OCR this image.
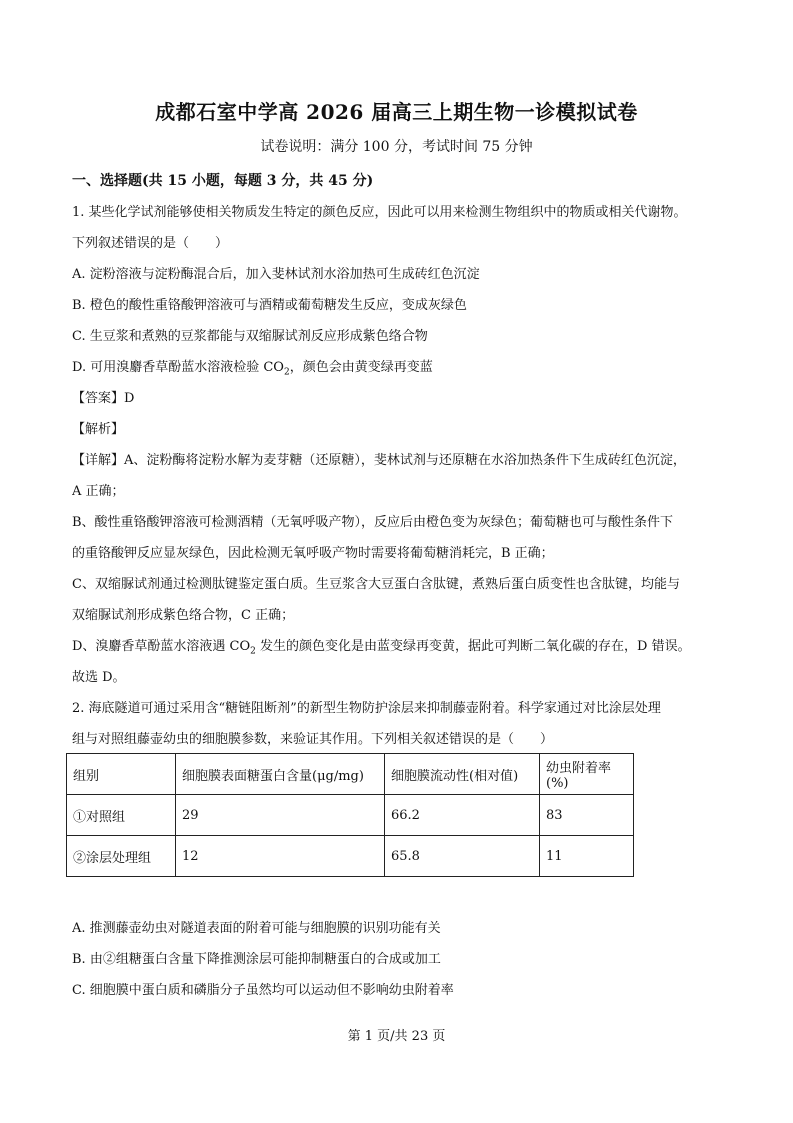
成都石室中学高 2026 届高三上期生物一诊模拟试卷
试卷说明：满分 100 分，考试时间 75 分钟
一、选择题(共 15 小题，每题 3 分，共 45 分)
1. 某些化学试剂能够使相关物质发生特定的颜色反应，因此可以用来检测生物组织中的物质或相关代谢物。
下列叙述错误的是（　　）
A. 淀粉溶液与淀粉酶混合后，加入斐林试剂水浴加热可生成砖红色沉淀
B. 橙色的酸性重铬酸钾溶液可与酒精或葡萄糖发生反应，变成灰绿色
C. 生豆浆和煮熟的豆浆都能与双缩脲试剂反应形成紫色络合物
D. 可用溴麝香草酚蓝水溶液检验 $CO_2$，颜色会由黄变绿再变蓝
【答案】D
【解析】
【详解】A、淀粉酶将淀粉水解为麦芽糖（还原糖），斐林试剂与还原糖在水浴加热条件下生成砖红色沉淀，
A 正确；
B、酸性重铬酸钾溶液可检测酒精（无氧呼吸产物），反应后由橙色变为灰绿色；葡萄糖也可与酸性条件下
的重铬酸钾反应显灰绿色，因此检测无氧呼吸产物时需要将葡萄糖消耗完，B 正确；
C、双缩脲试剂通过检测肽键鉴定蛋白质。生豆浆含大豆蛋白含肽键，煮熟后蛋白质变性也含肽键，均能与
双缩脲试剂形成紫色络合物，C 正确；
D、溴麝香草酚蓝水溶液遇 $CO_2$ 发生的颜色变化是由蓝变绿再变黄，据此可判断二氧化碳的存在，D 错误。
故选 D。
2. 海底隧道可通过采用含“糖链阻断剂”的新型生物防护涂层来抑制藤壶附着。科学家通过对比涂层处理
组与对照组藤壶幼虫的细胞膜参数，来验证其作用。下列相关叙述错误的是（　　）
组别	细胞膜表面糖蛋白含量(μg/mg)	细胞膜流动性(相对值)	幼虫附着率(%)
①对照组	29	66.2	83
②涂层处理组	12	65.8	11
A. 推测藤壶幼虫对隧道表面的附着可能与细胞膜的识别功能有关
B. 由②组糖蛋白含量下降推测涂层可能抑制糖蛋白的合成或加工
C. 细胞膜中蛋白质和磷脂分子虽然均可以运动但不影响幼虫附着率
第 1 页/共 23 页
